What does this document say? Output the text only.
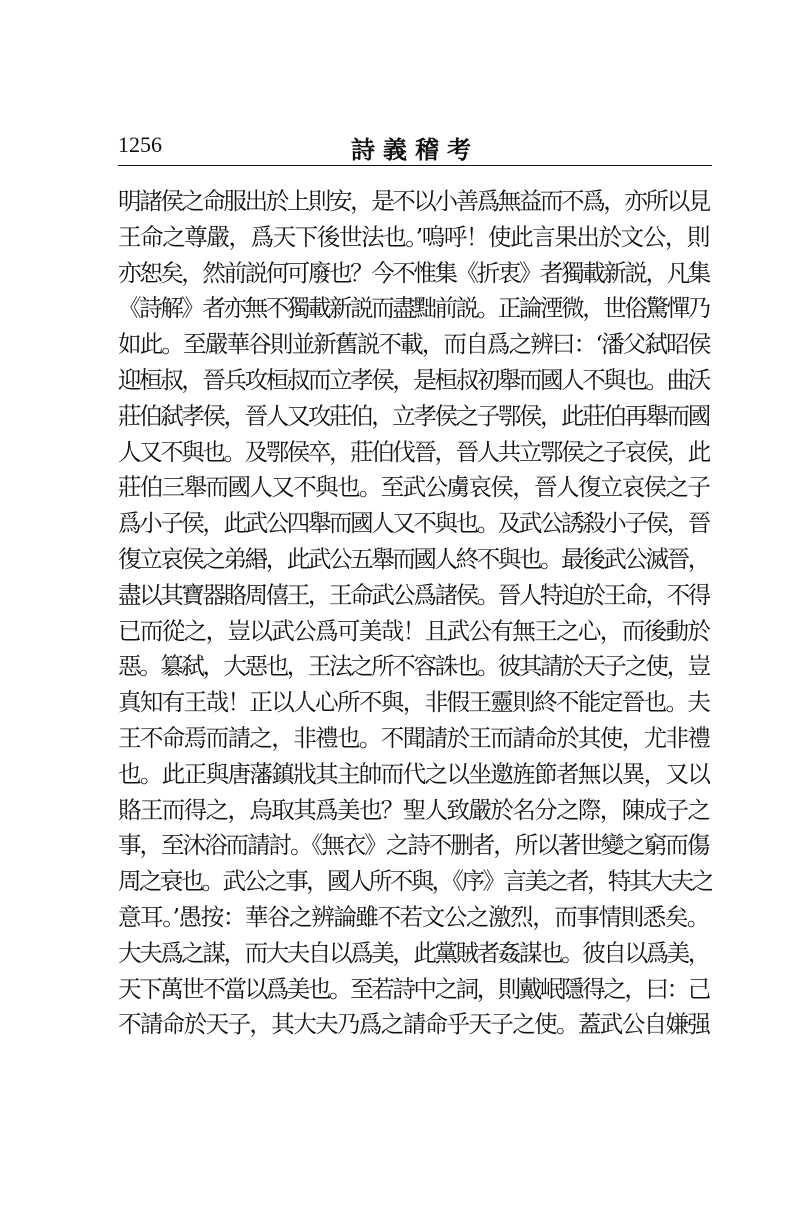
1256	詩義稽考
明諸侯之命服出於上則安，是不以小善爲無益而不爲，亦所以見
王命之尊嚴，爲天下後世法也。’嗚呼！使此言果出於文公，則
亦恕矣，然前説何可廢也？今不惟集《折衷》者獨載新説，凡集
《詩解》者亦無不獨載新説而盡黜前説。正論湮微，世俗驚憚乃
如此。至嚴華谷則並新舊説不載，而自爲之辨曰：‘潘父弑昭侯
迎桓叔，晉兵攻桓叔而立孝侯，是桓叔初舉而國人不與也。曲沃
莊伯弑孝侯，晉人又攻莊伯，立孝侯之子鄂侯，此莊伯再舉而國
人又不與也。及鄂侯卒，莊伯伐晉，晉人共立鄂侯之子哀侯，此
莊伯三舉而國人又不與也。至武公虜哀侯，晉人復立哀侯之子
爲小子侯，此武公四舉而國人又不與也。及武公誘殺小子侯，晉
復立哀侯之弟緡，此武公五舉而國人終不與也。最後武公滅晉，
盡以其寶器賂周僖王，王命武公爲諸侯。晉人特迫於王命，不得
已而從之，豈以武公爲可美哉！且武公有無王之心，而後動於
惡。簒弑，大惡也，王法之所不容誅也。彼其請於天子之使，豈
真知有王哉！正以人心所不與，非假王靈則終不能定晉也。夫
王不命焉而請之，非禮也。不聞請於王而請命於其使，尤非禮
也。此正與唐藩鎮戕其主帥而代之以坐邀旌節者無以異，又以
賂王而得之，烏取其爲美也？聖人致嚴於名分之際，陳成子之
事，至沐浴而請討。《無衣》之詩不删者，所以著世變之窮而傷
周之衰也。武公之事，國人所不與，《序》言美之者，特其大夫之
意耳。’愚按：華谷之辨論雖不若文公之激烈，而事情則悉矣。
大夫爲之謀，而大夫自以爲美，此黨賊者姦謀也。彼自以爲美，
天下萬世不當以爲美也。至若詩中之詞，則戴岷隱得之，曰：己
不請命於天子，其大夫乃爲之請命乎天子之使。蓋武公自嫌强
